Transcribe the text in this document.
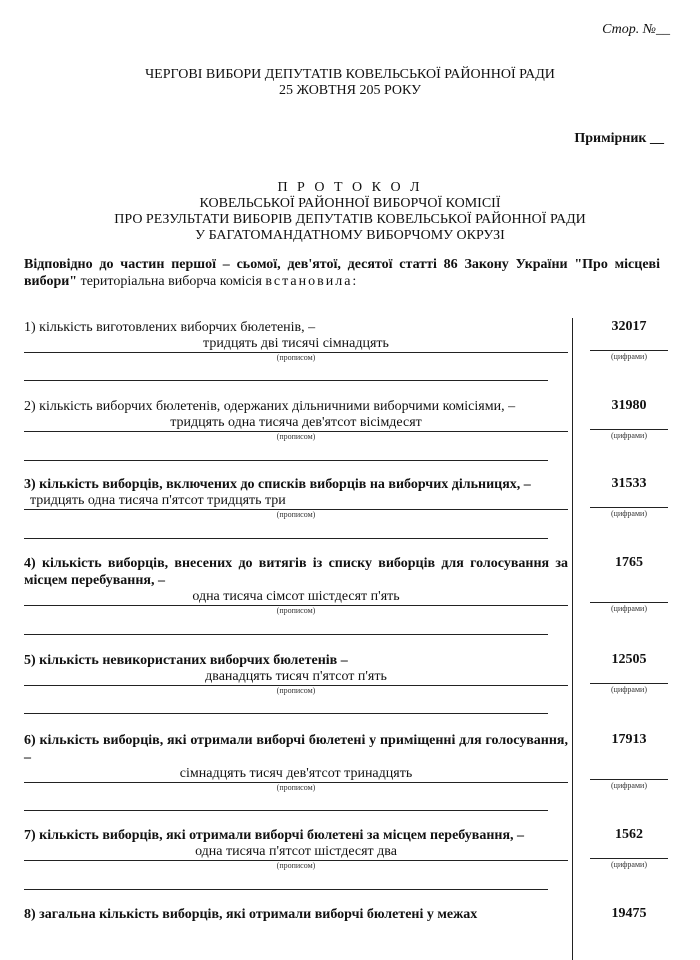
Стор. №__
ЧЕРГОВІ ВИБОРИ ДЕПУТАТІВ КОВЕЛЬСЬКОЇ РАЙОННОЇ РАДИ
25 ЖОВТНЯ 205 РОКУ
Примірник __
П Р О Т О К О Л
КОВЕЛЬСЬКОЇ РАЙОННОЇ ВИБОРЧОЇ КОМІСІЇ
ПРО РЕЗУЛЬТАТИ ВИБОРІВ ДЕПУТАТІВ КОВЕЛЬСЬКОЇ РАЙОННОЇ РАДИ
У БАГАТОМАНДАТНОМУ ВИБОРЧОМУ ОКРУЗІ
Відповідно до частин першої – сьомої, дев'ятої, десятої статті 86 Закону України "Про місцеві вибори" територіальна виборча комісія встановила:
1) кількість виготовлених виборчих бюлетенів, –
тридцять дві тисячі сімнадцять
(прописом)
32017
(цифрами)
2) кількість виборчих бюлетенів, одержаних дільничними виборчими комісіями, –
тридцять одна тисяча дев'ятсот вісімдесят
(прописом)
31980
(цифрами)
3) кількість виборців, включених до списків виборців на виборчих дільницях, –
тридцять одна тисяча п'ятсот тридцять три
(прописом)
31533
(цифрами)
4) кількість виборців, внесених до витягів із списку виборців для голосування за місцем перебування, –
одна тисяча сімсот шістдесят п'ять
(прописом)
1765
(цифрами)
5) кількість невикористаних виборчих бюлетенів –
дванадцять тисяч п'ятсот п'ять
(прописом)
12505
(цифрами)
6) кількість виборців, які отримали виборчі бюлетені у приміщенні для голосування, –
сімнадцять тисяч дев'ятсот тринадцять
(прописом)
17913
(цифрами)
7) кількість виборців, які отримали виборчі бюлетені за місцем перебування, –
одна тисяча п'ятсот шістдесят два
(прописом)
1562
(цифрами)
8) загальна кількість виборців, які отримали виборчі бюлетені у межах	19475
